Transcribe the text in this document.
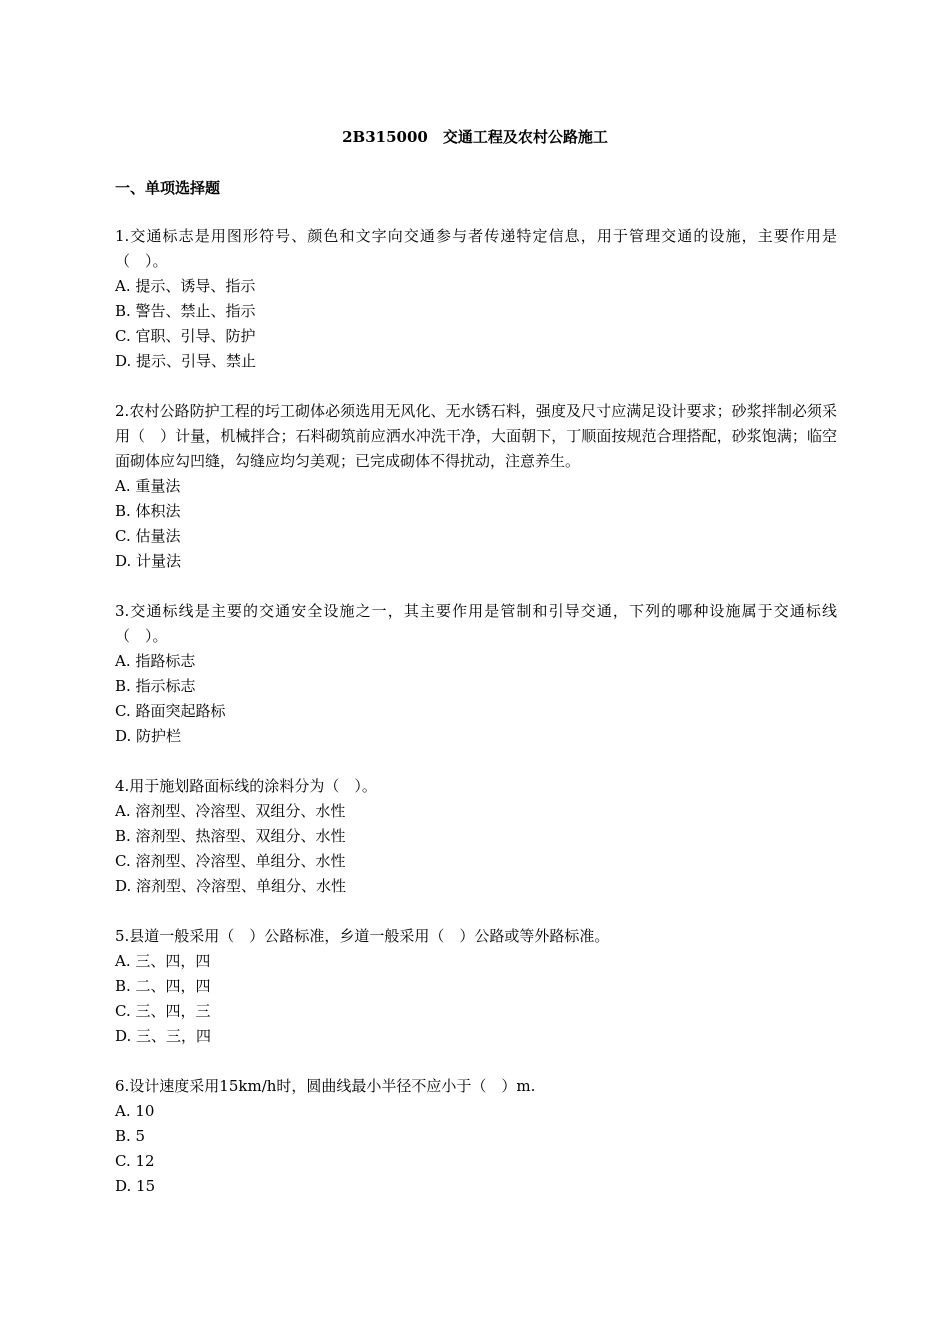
2B315000　交通工程及农村公路施工
一、单项选择题
1.交通标志是用图形符号、颜色和文字向交通参与者传递特定信息，用于管理交通的设施，主要作用是（　）。
A. 提示、诱导、指示
B. 警告、禁止、指示
C. 官职、引导、防护
D. 提示、引导、禁止
2.农村公路防护工程的圬工砌体必须选用无风化、无水锈石料，强度及尺寸应满足设计要求；砂浆拌制必须采用（　）计量，机械拌合；石料砌筑前应洒水冲洗干净，大面朝下，丁顺面按规范合理搭配，砂浆饱满；临空面砌体应勾凹缝，勾缝应均匀美观；已完成砌体不得扰动，注意养生。
A. 重量法
B. 体积法
C. 估量法
D. 计量法
3.交通标线是主要的交通安全设施之一，其主要作用是管制和引导交通，下列的哪种设施属于交通标线（　）。
A. 指路标志
B. 指示标志
C. 路面突起路标
D. 防护栏
4.用于施划路面标线的涂料分为（　）。
A. 溶剂型、冷溶型、双组分、水性
B. 溶剂型、热溶型、双组分、水性
C. 溶剂型、冷溶型、单组分、水性
D. 溶剂型、冷溶型、单组分、水性
5.县道一般采用（　）公路标准，乡道一般采用（　）公路或等外路标准。
A. 三、四，四
B. 二、四，四
C. 三、四，三
D. 三、三，四
6.设计速度采用15km/h时，圆曲线最小半径不应小于（　）m.
A. 10
B. 5
C. 12
D. 15
